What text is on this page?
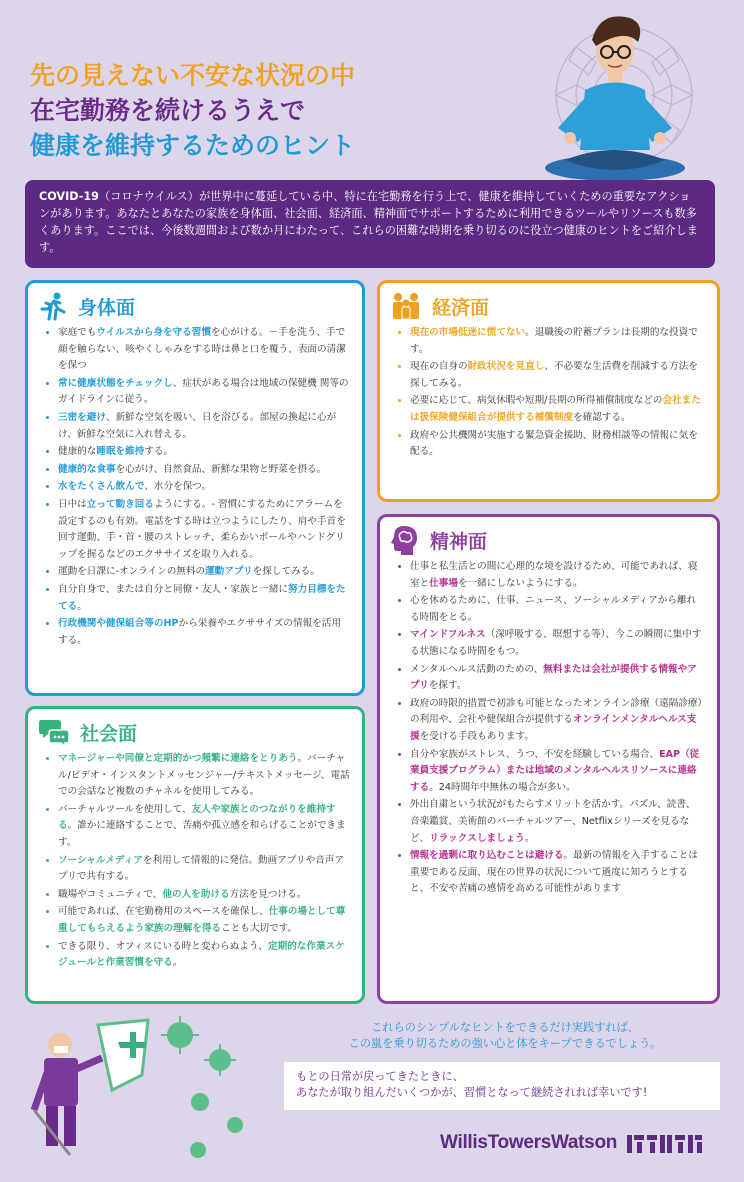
先の見えない不安な状況の中
在宅勤務を続けるうえで
健康を維持するためのヒント
COVID-19（コロナウイルス）が世界中に蔓延している中、特に在宅勤務を行う上で、健康を維持していくための重要なアクションがあります。あなたとあなたの家族を身体面、社会面、経済面、精神面でサポートするために利用できるツールやリソースも数多くあります。ここでは、今後数週間および数か月にわたって、これらの困難な時期を乗り切るのに役立つ健康のヒントをご紹介します。
身体面
• 家庭でもウイルスから身を守る習慣を心がける。－手を洗う、手で顔を触らない、咳やくしゃみをする時は鼻と口を覆う、表面の清潔を保つ
• 常に健康状態をチェックし、症状がある場合は地域の保健機 関等のガイドラインに従う。
• 三密を避け、新鮮な空気を吸い、日を浴びる。部屋の換起に心がけ、新鮮な空気に入れ替える。
• 健康的な睡眠を維持する。
• 健康的な食事を心がけ、自然食品、新鮮な果物と野菜を摂る。
• 水をたくさん飲んで、水分を保つ。
• 日中は立って動き回るようにする。- 習慣にするためにアラームを設定するのも有効。電話をする時は立つようにしたり、肩や手首を回す運動、手・首・腰のストレッチ、柔らかいボールやハンドグリップを握るなどのエクササイズを取り入れる。
• 運動を日課に-オンラインの無料の運動アプリを探してみる。
• 自分自身で、または自分と同僚・友人・家族と一緒に努力目標をたてる。
• 行政機関や健保組合等のHPから栄養やエクササイズの情報を活用する。
社会面
• マネージャーや同僚と定期的かつ頻繁に連絡をとりあう。バーチャル/ビデオ・インスタントメッセンジャー/テキストメッセージ、電話での会話など複数のチャネルを使用してみる。
• バーチャルツールを使用して、友人や家族とのつながりを維持する。誰かに連絡することで、苦痛や孤立感を和らげることができます。
• ソーシャルメディアを利用して情報的に発信。動画アプリや音声アプリで共有する。
• 職場やコミュニティで、他の人を助ける方法を見つける。
• 可能であれば、在宅勤務用のスペースを確保し、仕事の場として尊重してもらえるよう家族の理解を得ることも大切です。
• できる限り、オフィスにいる時と変わらぬよう、定期的な作業スケジュールと作業習慣を守る。
経済面
• 現在の市場低迷に慌てない。退職後の貯蓄プランは長期的な投資です。
• 現在の自身の財政状況を見直し、不必要な生活費を削減する方法を探してみる。
• 必要に応じて、病気休暇や短期/長期の所得補償制度などの会社または扱保険健保組合が提供する補償制度を確認する。
• 政府や公共機関が実施する緊急資金援助、財務相談等の情報に気を配る。
精神面
• 仕事と私生活との間に心理的な境を設けるため、可能であれば、寝室と仕事場を一緒にしないようにする。
• 心を休めるために、仕事、ニュース、ソーシャルメディアから離れる時間をとる。
• マインドフルネス（深呼吸する、瞑想する等）、今この瞬間に集中する状態になる時間をもつ。
• メンタルヘルス活動のための、無料または会社が提供する情報やアプリを探す。
• 政府の時限的措置で初診も可能となったオンライン診療（遠隔診療）の利用や、会社や健保組合が提供するオンラインメンタルヘルス支援を受ける手段もあります。
• 自分や家族がストレス、うつ、不安を経験している場合、EAP（従業員支援プログラム）または地域のメンタルヘルスリソースに連絡する。24時間年中無休の場合が多い。
• 外出自粛という状況がもたらすメリットを活かす。パズル、読書、音楽鑑賞、美術館のバーチャルツアー、Netflixシリーズを見るなど、リラックスしましょう。
• 情報を過剰に取り込むことは避ける。最新の情報を入手することは重要である反面、現在の世界の状況について過度に知ろうとすると、不安や苦痛の感情を高める可能性があります
これらのシンプルなヒントをできるだけ実践すれば、
この嵐を乗り切るための強い心と体をキープできるでしょう。
もとの日常が戻ってきたときに、
あなたが取り組んだいくつかが、習慣となって継続されれば幸いです!
WillisTowersWatson
